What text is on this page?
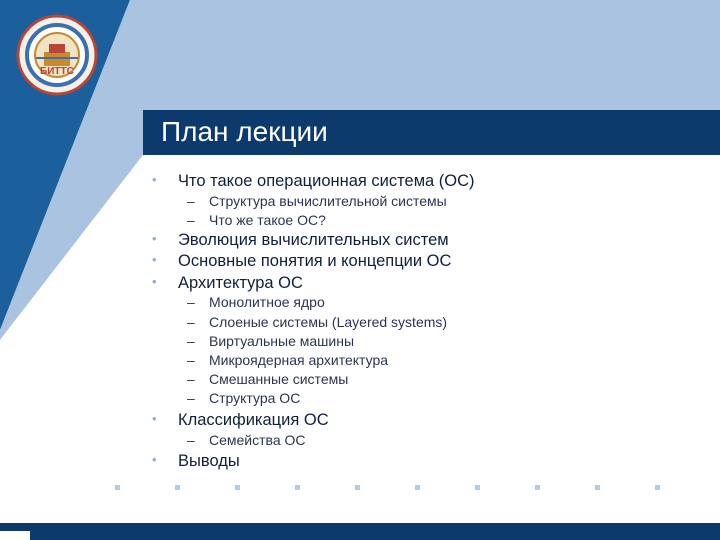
БИТТС
План лекции
• Что такое операционная система (ОС)
– Структура вычислительной системы
– Что же такое ОС?
• Эволюция вычислительных систем
• Основные понятия и концепции ОС
• Архитектура ОС
– Монолитное ядро
– Слоеные системы (Layered systems)
– Виртуальные машины
– Микроядерная архитектура
– Смешанные системы
– Структура ОС
• Классификация ОС
– Семейства ОС
• Выводы
